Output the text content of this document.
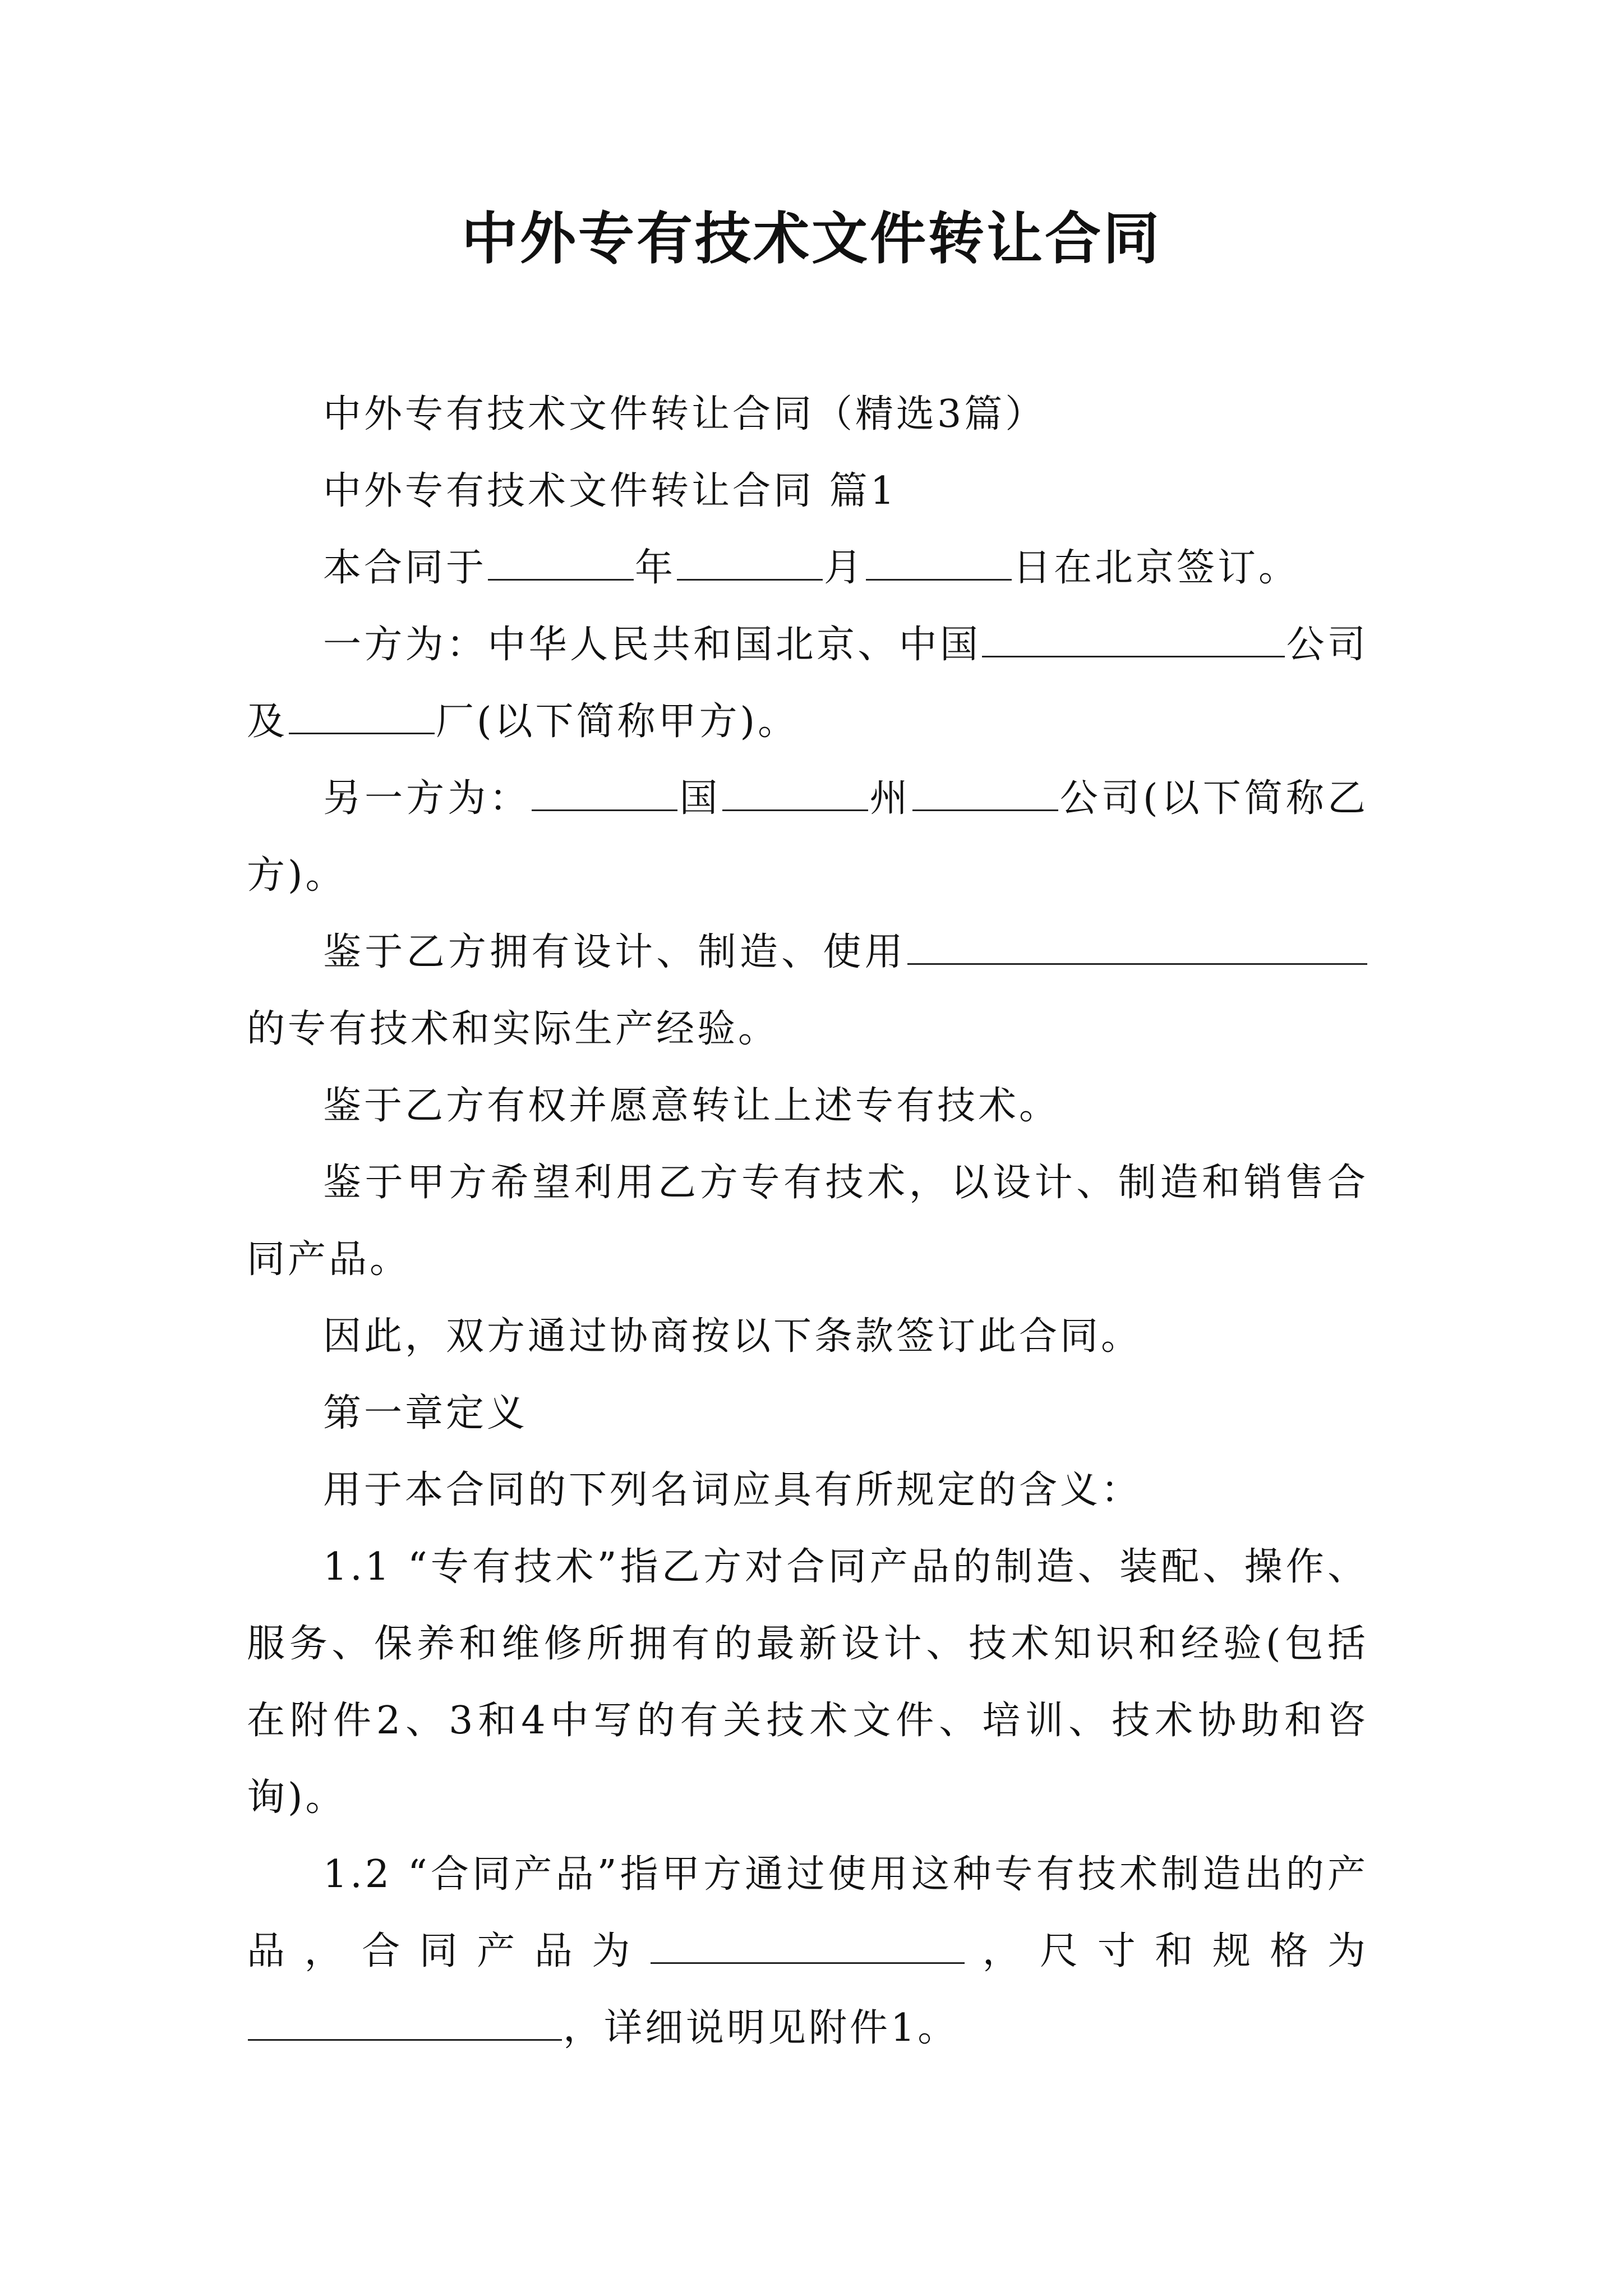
中外专有技术文件转让合同

中外专有技术文件转让合同（精选3篇）

中外专有技术文件转让合同 篇1

本合同于	年	月	日在北京签订。

一方为：中华人民共和国北京、中国	公司及	厂(以下简称甲方)。

另一方为：	国	州	公司(以下简称乙方)。

鉴于乙方拥有设计、制造、使用的专有技术和实际生产经验。

鉴于乙方有权并愿意转让上述专有技术。

鉴于甲方希望利用乙方专有技术，以设计、制造和销售合同产品。

因此，双方通过协商按以下条款签订此合同。

第一章定义

用于本合同的下列名词应具有所规定的含义：

1.1 “专有技术”指乙方对合同产品的制造、装配、操作、服务、保养和维修所拥有的最新设计、技术知识和经验(包括在附件2、3和4中写的有关技术文件、培训、技术协助和咨询)。

1.2 “合同产品”指甲方通过使用这种专有技术制造出的产品，合同产品为	，尺寸和规格为，详细说明见附件1。
